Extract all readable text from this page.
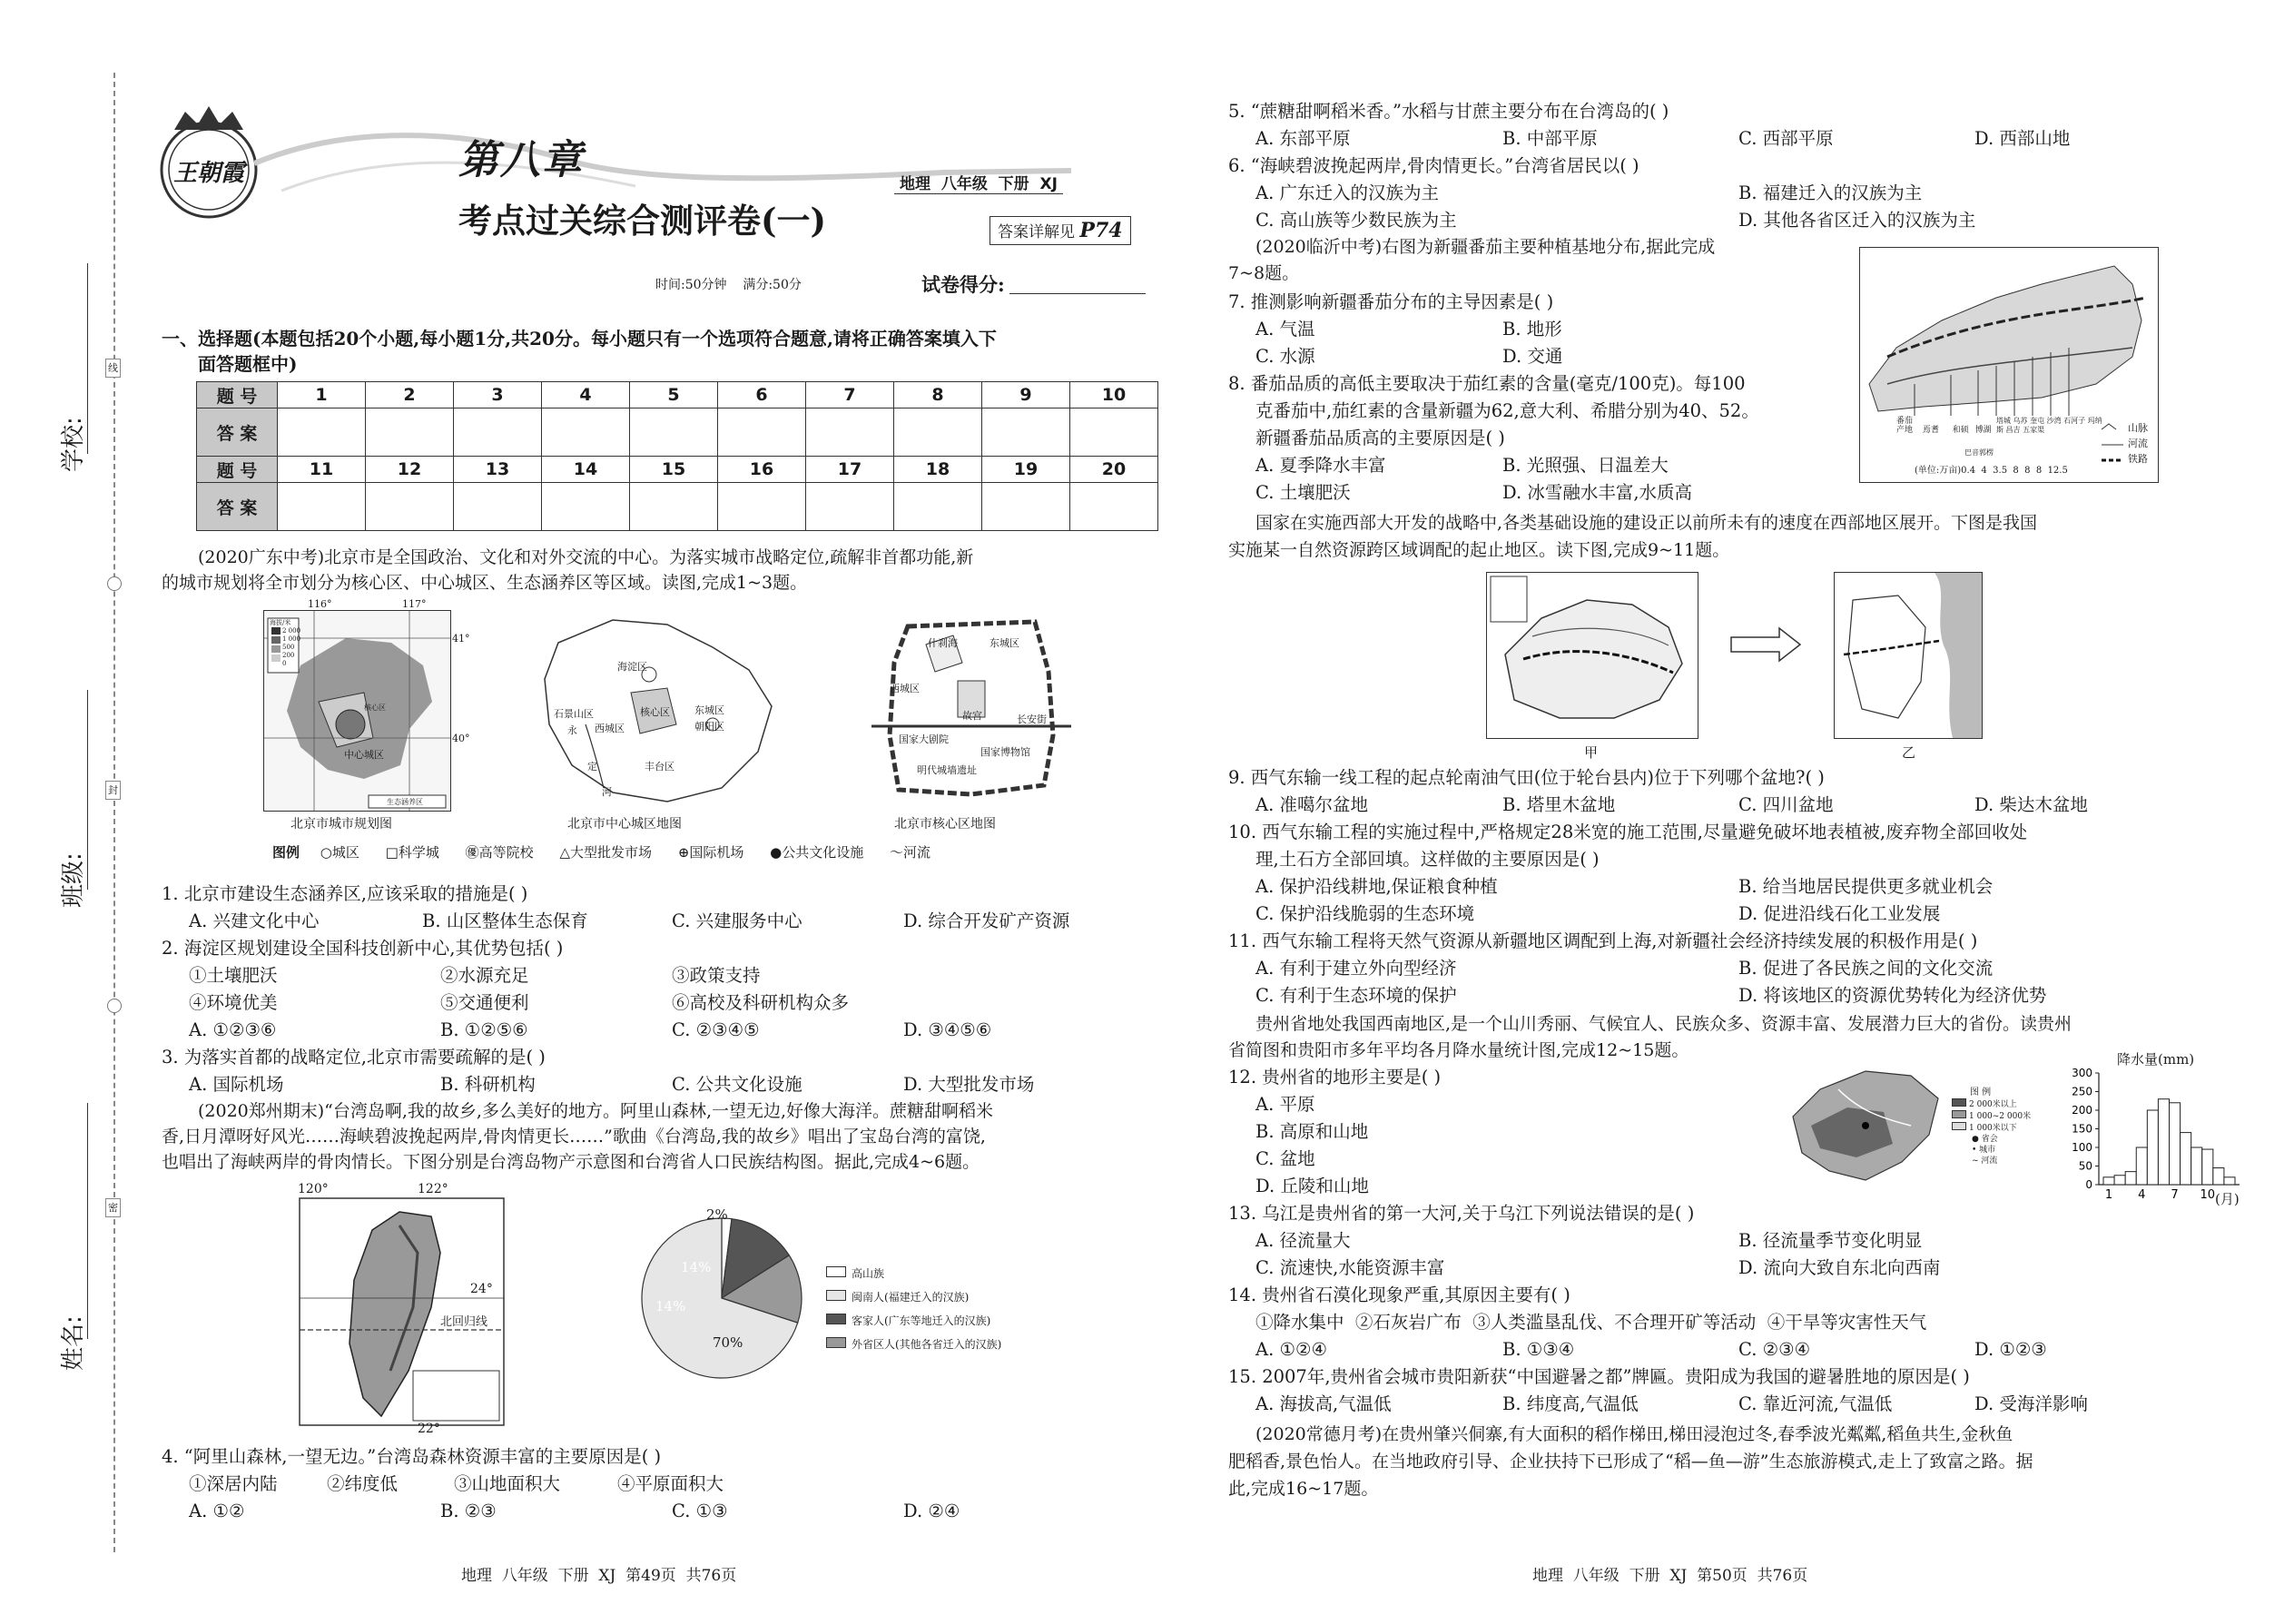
学校:
班级:
姓名:
线
封
密
王朝霞	第八章
地理  八年级  下册  XJ
考点过关综合测评卷(一)	答案详解见 P74
时间:50分钟    满分:50分	试卷得分:
一、选择题(本题包括20个小题,每小题1分,共20分。每小题只有一个选项符合题意,请将正确答案填入下
面答题框中)
题 号	1	2	3	4	5	6	7	8	9	10
答 案										
题 号	11	12	13	14	15	16	17	18	19	20
答 案										
(2020广东中考)北京市是全国政治、文化和对外交流的中心。为落实城市战略定位,疏解非首都功能,新
的城市规划将全市划分为核心区、中心城区、生态涵养区等区域。读图,完成1~3题。
116°	117°
41°
40°
海拔/米
2 000
1 000
500
200
0
中心城区
核心区
生态涵养区
北京市城市规划图
海淀区
石景山区
西城区
东城区
朝阳区
核心区
丰台区
永
定
河
北京市中心城区地图
什刹海	东城区
西城区
故宫	长安街
国家大剧院
国家博物馆
明代城墙遗址
北京市核心区地图
图例 ○城区 □科学城 ㊝高等院校 △大型批发市场 ⊕国际机场 ●公共文化设施 ～河流
1. 北京市建设生态涵养区,应该采取的措施是( )
A. 兴建文化中心	B. 山区整体生态保育	C. 兴建服务中心	D. 综合开发矿产资源
2. 海淀区规划建设全国科技创新中心,其优势包括( )
①土壤肥沃	②水源充足	③政策支持
④环境优美	⑤交通便利	⑥高校及科研机构众多
A. ①②③⑥	B. ①②⑤⑥	C. ②③④⑤	D. ③④⑤⑥
3. 为落实首都的战略定位,北京市需要疏解的是( )
A. 国际机场	B. 科研机构	C. 公共文化设施	D. 大型批发市场
(2020郑州期末)“台湾岛啊,我的故乡,多么美好的地方。阿里山森林,一望无边,好像大海洋。蔗糖甜啊稻米
香,日月潭呀好风光……海峡碧波挽起两岸,骨肉情更长……”歌曲《台湾岛,我的故乡》唱出了宝岛台湾的富饶,
也唱出了海峡两岸的骨肉情长。下图分别是台湾岛物产示意图和台湾省人口民族结构图。据此,完成4~6题。
120°	122°
24°
22°
北回归线
2%
14%
14%
70%
高山族
闽南人(福建迁入的汉族)
客家人(广东等地迁入的汉族)
外省区人(其他各省迁入的汉族)
4. “阿里山森林,一望无边。”台湾岛森林资源丰富的主要原因是( )
①深居内陆	②纬度低	③山地面积大	④平原面积大
A. ①②	B. ②③	C. ①③	D. ②④
地理  八年级  下册  XJ  第49页  共76页
5. “蔗糖甜啊稻米香。”水稻与甘蔗主要分布在台湾岛的( )
A. 东部平原	B. 中部平原	C. 西部平原	D. 西部山地
6. “海峡碧波挽起两岸,骨肉情更长。”台湾省居民以( )
A. 广东迁入的汉族为主	B. 福建迁入的汉族为主
C. 高山族等少数民族为主	D. 其他各省区迁入的汉族为主
(2020临沂中考)右图为新疆番茄主要种植基地分布,据此完成
7~8题。
山脉
河流
铁路
番茄产地 焉耆 和硕 博湖
塔城 乌苏 奎屯 沙湾 石河子 玛纳斯 昌吉 五家渠
巴音郭楞
(单位:万亩)0.4  4  3.5  8  8  8  12.5
7. 推测影响新疆番茄分布的主导因素是( )
A. 气温	B. 地形
C. 水源	D. 交通
8. 番茄品质的高低主要取决于茄红素的含量(毫克/100克)。每100
克番茄中,茄红素的含量新疆为62,意大利、希腊分别为40、52。
新疆番茄品质高的主要原因是( )
A. 夏季降水丰富	B. 光照强、日温差大
C. 土壤肥沃	D. 冰雪融水丰富,水质高
国家在实施西部大开发的战略中,各类基础设施的建设正以前所未有的速度在西部地区展开。下图是我国
实施某一自然资源跨区域调配的起止地区。读下图,完成9~11题。
甲	乙
9. 西气东输一线工程的起点轮南油气田(位于轮台县内)位于下列哪个盆地?( )
A. 准噶尔盆地	B. 塔里木盆地	C. 四川盆地	D. 柴达木盆地
10. 西气东输工程的实施过程中,严格规定28米宽的施工范围,尽量避免破坏地表植被,废弃物全部回收处
理,土石方全部回填。这样做的主要原因是( )
A. 保护沿线耕地,保证粮食种植	B. 给当地居民提供更多就业机会
C. 保护沿线脆弱的生态环境	D. 促进沿线石化工业发展
11. 西气东输工程将天然气资源从新疆地区调配到上海,对新疆社会经济持续发展的积极作用是( )
A. 有利于建立外向型经济	B. 促进了各民族之间的文化交流
C. 有利于生态环境的保护	D. 将该地区的资源优势转化为经济优势
贵州省地处我国西南地区,是一个山川秀丽、气候宜人、民族众多、资源丰富、发展潜力巨大的省份。读贵州
省简图和贵阳市多年平均各月降水量统计图,完成12~15题。
图 例
2 000米以上
1 000~2 000米
1 000米以下
● 省会
• 城市
~ 河流
降水量(mm)
0
50
100
150
200
250
300
1 4 7 10 (月)
12. 贵州省的地形主要是( )
A. 平原
B. 高原和山地
C. 盆地
D. 丘陵和山地
13. 乌江是贵州省的第一大河,关于乌江下列说法错误的是( )
A. 径流量大	B. 径流量季节变化明显
C. 流速快,水能资源丰富	D. 流向大致自东北向西南
14. 贵州省石漠化现象严重,其原因主要有( )
①降水集中  ②石灰岩广布  ③人类滥垦乱伐、不合理开矿等活动  ④干旱等灾害性天气
A. ①②④	B. ①③④	C. ②③④	D. ①②③
15. 2007年,贵州省会城市贵阳新获“中国避暑之都”牌匾。贵阳成为我国的避暑胜地的原因是( )
A. 海拔高,气温低	B. 纬度高,气温低	C. 靠近河流,气温低	D. 受海洋影响
(2020常德月考)在贵州肇兴侗寨,有大面积的稻作梯田,梯田浸泡过冬,春季波光粼粼,稻鱼共生,金秋鱼
肥稻香,景色怡人。在当地政府引导、企业扶持下已形成了“稻—鱼—游”生态旅游模式,走上了致富之路。据
此,完成16~17题。
地理  八年级  下册  XJ  第50页  共76页
